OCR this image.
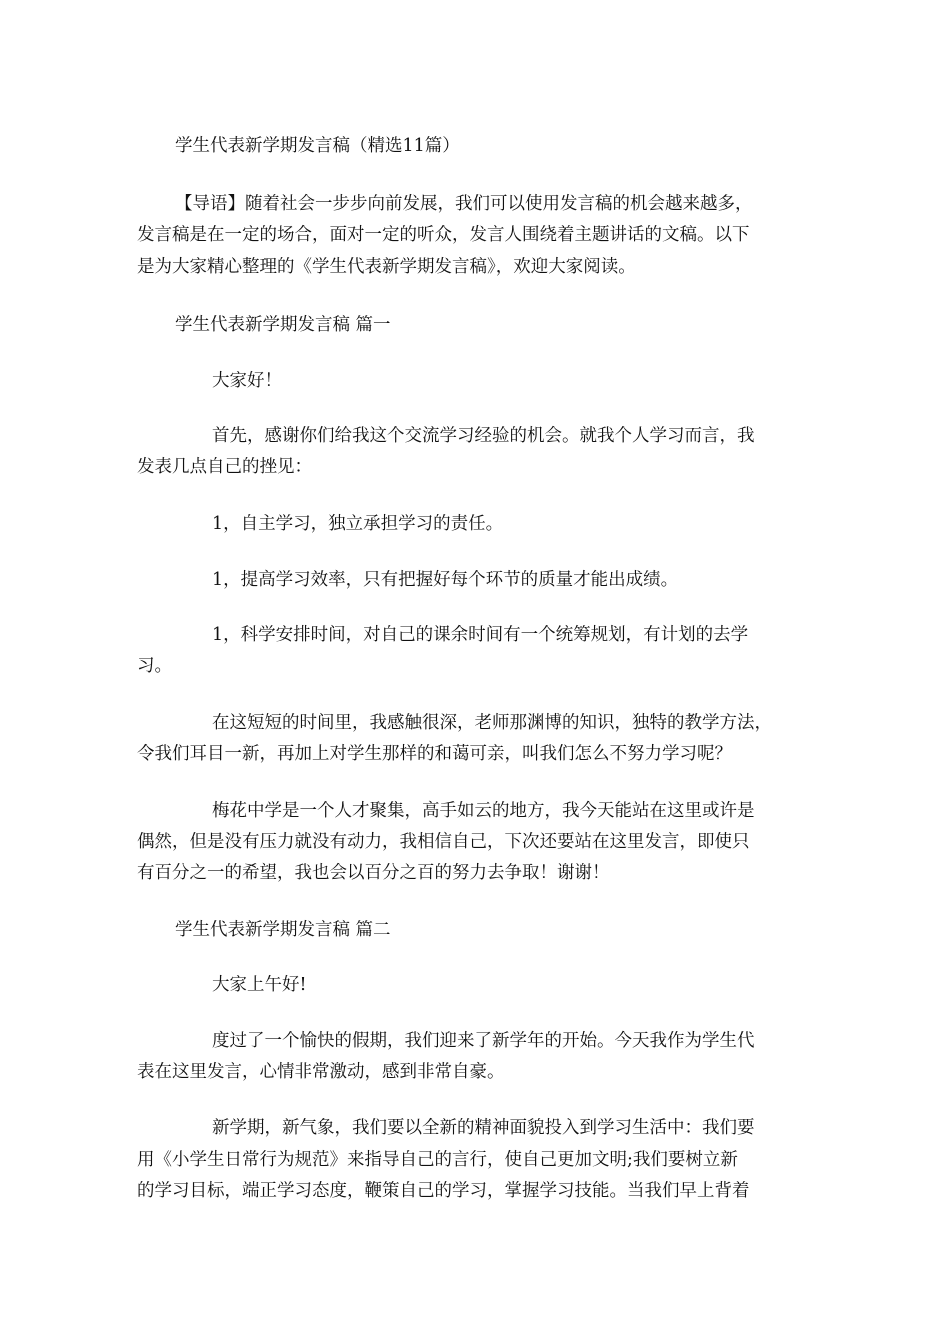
学生代表新学期发言稿（精选11篇）
【导语】随着社会一步步向前发展，我们可以使用发言稿的机会越来越多，
发言稿是在一定的场合，面对一定的听众，发言人围绕着主题讲话的文稿。以下
是为大家精心整理的《学生代表新学期发言稿》，欢迎大家阅读。
学生代表新学期发言稿 篇一
大家好！
首先，感谢你们给我这个交流学习经验的机会。就我个人学习而言，我
发表几点自己的挫见：
1，自主学习，独立承担学习的责任。
1，提高学习效率，只有把握好每个环节的质量才能出成绩。
1，科学安排时间，对自己的课余时间有一个统筹规划，有计划的去学
习。
在这短短的时间里，我感触很深，老师那渊博的知识，独特的教学方法，
令我们耳目一新，再加上对学生那样的和蔼可亲，叫我们怎么不努力学习呢？
梅花中学是一个人才聚集，高手如云的地方，我今天能站在这里或许是
偶然，但是没有压力就没有动力，我相信自己，下次还要站在这里发言，即使只
有百分之一的希望，我也会以百分之百的努力去争取！谢谢！
学生代表新学期发言稿 篇二
大家上午好!
度过了一个愉快的假期，我们迎来了新学年的开始。今天我作为学生代
表在这里发言，心情非常激动，感到非常自豪。
新学期，新气象，我们要以全新的精神面貌投入到学习生活中：我们要
用《小学生日常行为规范》来指导自己的言行，使自己更加文明;我们要树立新
的学习目标，端正学习态度，鞭策自己的学习，掌握学习技能。当我们早上背着
